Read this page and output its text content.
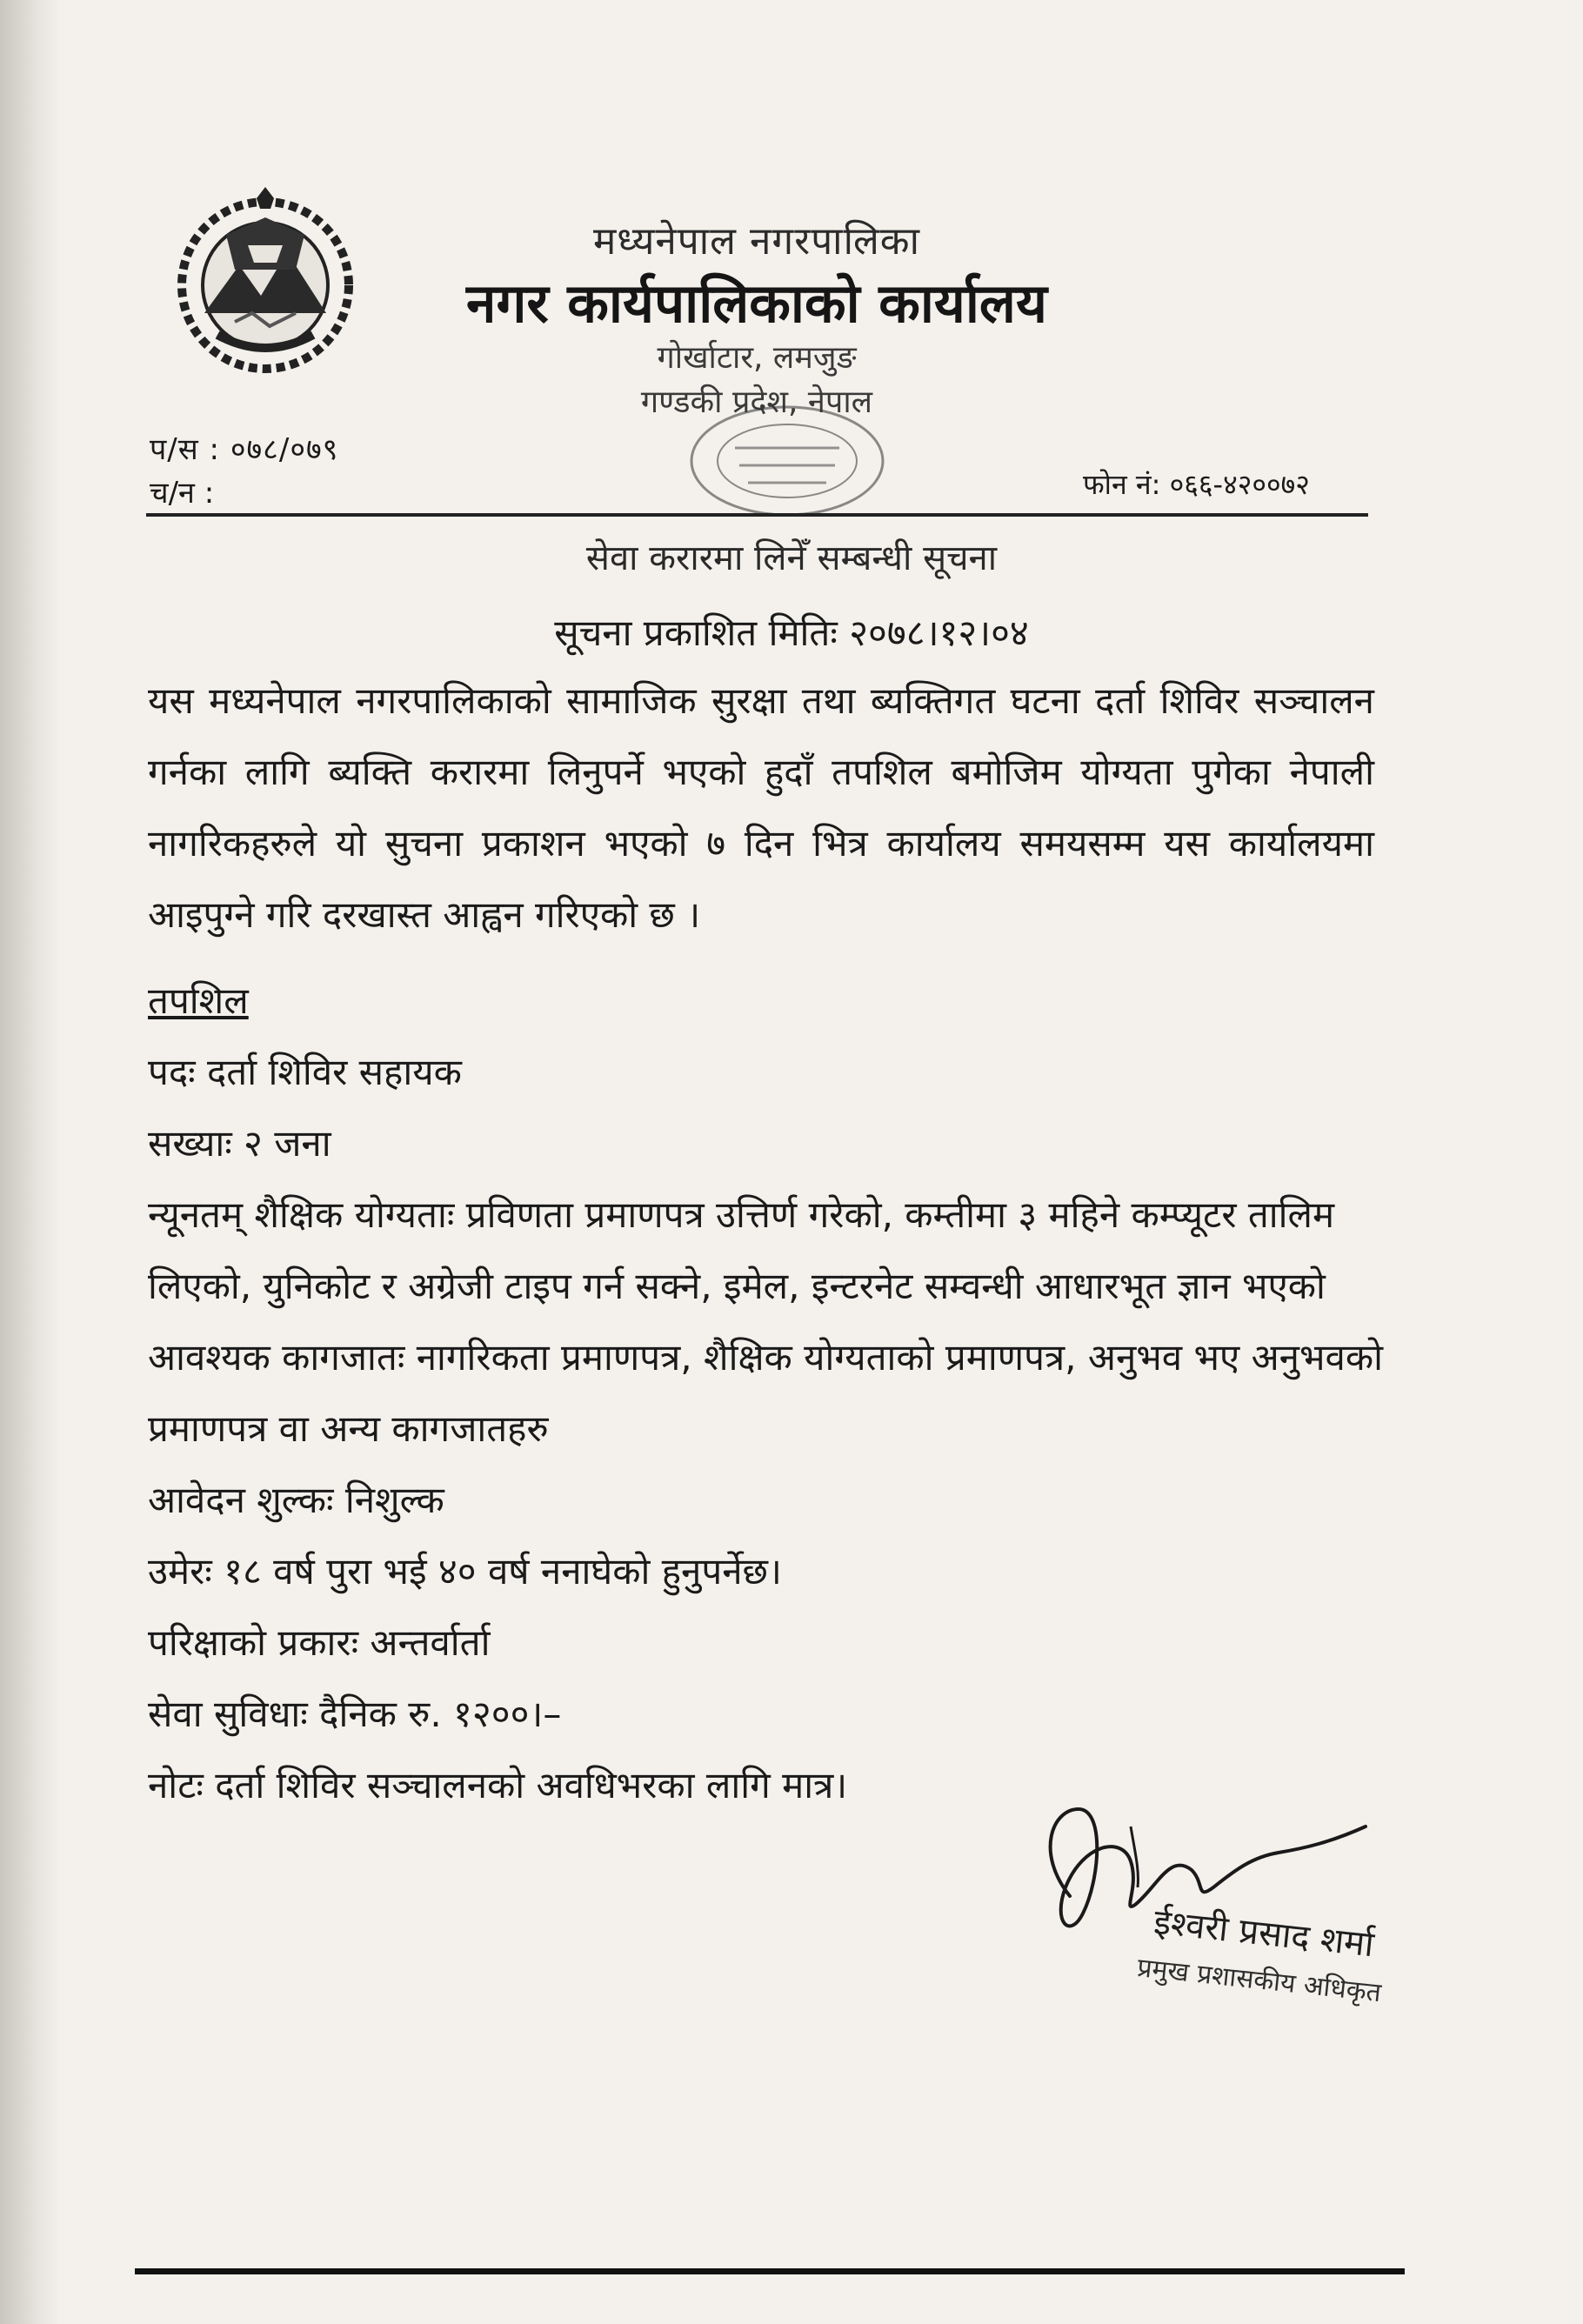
मध्यनेपाल नगरपालिका
नगर कार्यपालिकाको कार्यालय
गोर्खाटार, लमजुङ
गण्डकी प्रदेश, नेपाल
प/स : ०७८/०७९
च/न :	फोन नं: ०६६-४२००७२
सेवा करारमा लिनेँ सम्बन्धी सूचना
सूचना प्रकाशित मितिः २०७८।१२।०४
यस मध्यनेपाल नगरपालिकाको सामाजिक सुरक्षा तथा ब्यक्तिगत घटना दर्ता शिविर सञ्चालन गर्नका लागि ब्यक्ति करारमा लिनुपर्ने भएको हुदाँ तपशिल बमोजिम योग्यता पुगेका नेपाली नागरिकहरुले यो सुचना प्रकाशन भएको ७ दिन भित्र कार्यालय समयसम्म यस कार्यालयमा आइपुग्ने गरि दरखास्त आह्वन गरिएको छ ।
तपशिल
पदः दर्ता शिविर सहायक
सख्याः २ जना
न्यूनतम् शैक्षिक योग्यताः प्रविणता प्रमाणपत्र उत्तिर्ण गरेको, कम्तीमा ३ महिने कम्प्यूटर तालिम लिएको, युनिकोट र अग्रेजी टाइप गर्न सक्ने, इमेल, इन्टरनेट सम्वन्धी आधारभूत ज्ञान भएको
आवश्यक कागजातः नागरिकता प्रमाणपत्र, शैक्षिक योग्यताको प्रमाणपत्र, अनुभव भए अनुभवको प्रमाणपत्र वा अन्य कागजातहरु
आवेदन शुल्कः निशुल्क
उमेरः १८ वर्ष पुरा भई ४० वर्ष ननाघेको हुनुपर्नेछ।
परिक्षाको प्रकारः अन्तर्वार्ता
सेवा सुविधाः दैनिक रु. १२००।–
नोटः दर्ता शिविर सञ्चालनको अवधिभरका लागि मात्र।
ईश्वरी प्रसाद शर्मा
प्रमुख प्रशासकीय अधिकृत
